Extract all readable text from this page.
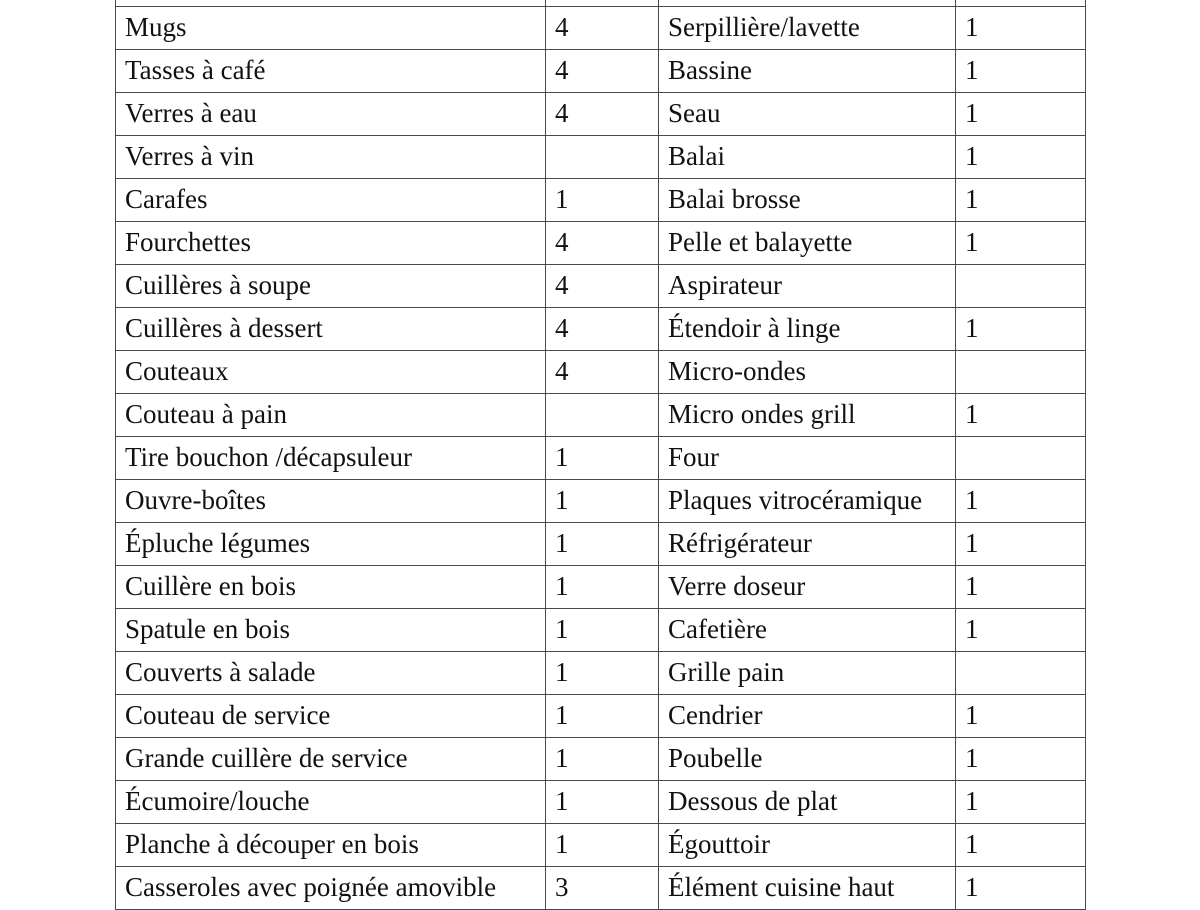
Mugs	4	Serpillière/lavette	1
Tasses à café	4	Bassine	1
Verres à eau	4	Seau	1
Verres à vin		Balai	1
Carafes	1	Balai brosse	1
Fourchettes	4	Pelle et balayette	1
Cuillères à soupe	4	Aspirateur	
Cuillères à dessert	4	Étendoir à linge	1
Couteaux	4	Micro-ondes	
Couteau à pain		Micro ondes grill	1
Tire bouchon /décapsuleur	1	Four	
Ouvre-boîtes	1	Plaques vitrocéramique	1
Épluche légumes	1	Réfrigérateur	1
Cuillère en bois	1	Verre doseur	1
Spatule en bois	1	Cafetière	1
Couverts à salade	1	Grille pain	
Couteau de service	1	Cendrier	1
Grande cuillère de service	1	Poubelle	1
Écumoire/louche	1	Dessous de plat	1
Planche à découper en bois	1	Égouttoir	1
Casseroles avec poignée amovible	3	Élément cuisine haut	1
